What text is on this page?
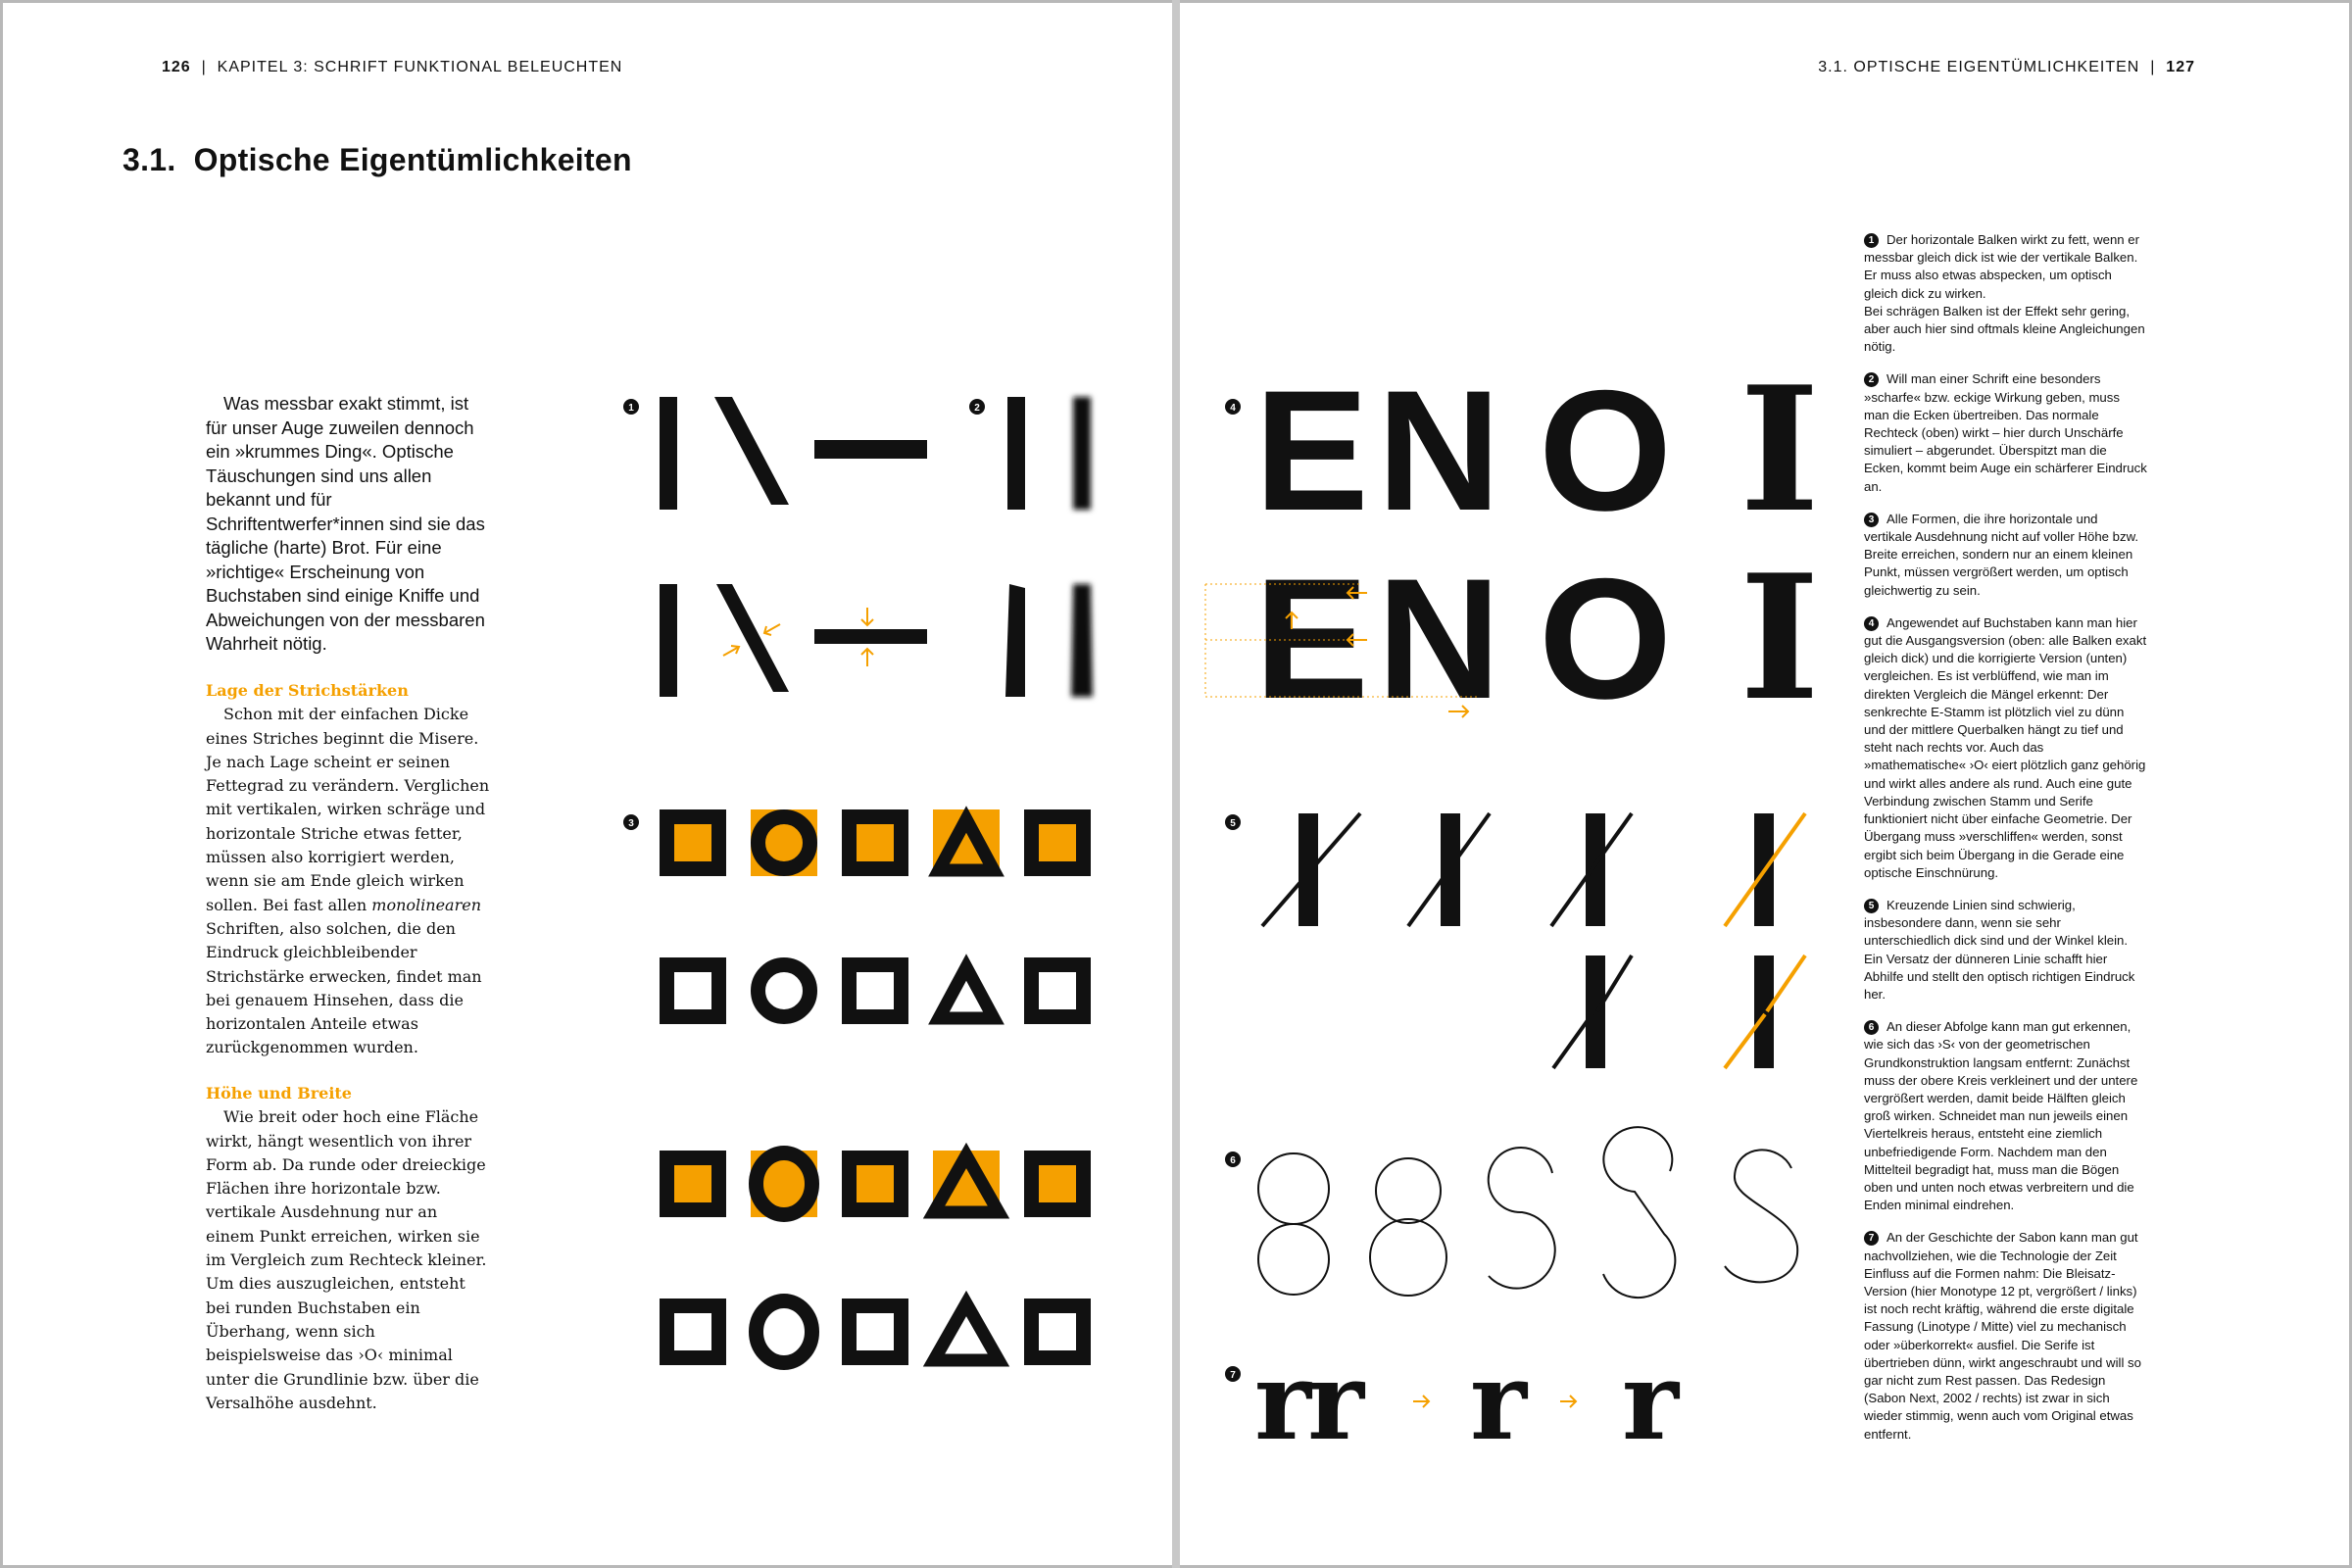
126  |  KAPITEL 3: SCHRIFT FUNKTIONAL BELEUCHTEN	3.1. OPTISCHE EIGENTÜMLICHKEITEN  |  127
3.1. Optische Eigentümlichkeiten

Was messbar exakt stimmt, ist für unser Auge zuweilen dennoch ein »krummes Ding«. Optische Täuschungen sind uns allen bekannt und für Schriftentwerfer*innen sind sie das tägliche (harte) Brot. Für eine »richtige« Erscheinung von Buchstaben sind einige Kniffe und Abweichungen von der messbaren Wahrheit nötig.

Lage der Strichstärken

Schon mit der einfachen Dicke eines Striches beginnt die Misere. Je nach Lage scheint er seinen Fettegrad zu verändern. Verglichen mit vertikalen, wirken schräge und horizontale Striche etwas fetter, müssen also korrigiert werden, wenn sie am Ende gleich wirken sollen. Bei fast allen monolinearen Schriften, also solchen, die den Eindruck gleichbleibender Strichstärke erwecken, findet man bei genauem Hinsehen, dass die horizontalen Anteile etwas zurückgenommen wurden.

Höhe und Breite

Wie breit oder hoch eine Fläche wirkt, hängt wesentlich von ihrer Form ab. Da runde oder dreieckige Flächen ihre horizontale bzw. vertikale Ausdehnung nur an einem Punkt erreichen, wirken sie im Vergleich zum Rechteck kleiner. Um dies auszugleichen, entsteht bei runden Buchstaben ein Überhang, wenn sich beispielsweise das ›O‹ minimal unter die Grundlinie bzw. über die Versalhöhe ausdehnt.

1	2
3
4
5
6
7
E N O I
E N O I
rr r r

1 Der horizontale Balken wirkt zu fett, wenn er messbar gleich dick ist wie der vertikale Balken. Er muss also etwas abspecken, um optisch gleich dick zu wirken.

Bei schrägen Balken ist der Effekt sehr gering, aber auch hier sind oftmals kleine Angleichungen nötig.

2 Will man einer Schrift eine besonders »scharfe« bzw. eckige Wirkung geben, muss man die Ecken übertreiben. Das normale Rechteck (oben) wirkt – hier durch Unschärfe simuliert – abgerundet. Überspitzt man die Ecken, kommt beim Auge ein schärferer Eindruck an.

3 Alle Formen, die ihre horizontale und vertikale Ausdehnung nicht auf voller Höhe bzw. Breite erreichen, sondern nur an einem kleinen Punkt, müssen vergrößert werden, um optisch gleichwertig zu sein.

4 Angewendet auf Buchstaben kann man hier gut die Ausgangsversion (oben: alle Balken exakt gleich dick) und die korrigierte Version (unten) vergleichen. Es ist verblüffend, wie man im direkten Vergleich die Mängel erkennt: Der senkrechte E-Stamm ist plötzlich viel zu dünn und der mittlere Querbalken hängt zu tief und steht nach rechts vor. Auch das »mathematische« ›O‹ eiert plötzlich ganz gehörig und wirkt alles andere als rund. Auch eine gute Verbindung zwischen Stamm und Serife funktioniert nicht über einfache Geometrie. Der Übergang muss »verschliffen« werden, sonst ergibt sich beim Übergang in die Gerade eine optische Einschnürung.

5 Kreuzende Linien sind schwierig, insbesondere dann, wenn sie sehr unterschiedlich dick sind und der Winkel klein. Ein Versatz der dünneren Linie schafft hier Abhilfe und stellt den optisch richtigen Eindruck her.

6 An dieser Abfolge kann man gut erkennen, wie sich das ›S‹ von der geometrischen Grundkonstruktion langsam entfernt: Zunächst muss der obere Kreis verkleinert und der untere vergrößert werden, damit beide Hälften gleich groß wirken. Schneidet man nun jeweils einen Viertelkreis heraus, entsteht eine ziemlich unbefriedigende Form. Nachdem man den Mittelteil begradigt hat, muss man die Bögen oben und unten noch etwas verbreitern und die Enden minimal eindrehen.

7 An der Geschichte der Sabon kann man gut nachvollziehen, wie die Technologie der Zeit Einfluss auf die Formen nahm: Die Bleisatz-Version (hier Monotype 12 pt, vergrößert / links) ist noch recht kräftig, während die erste digitale Fassung (Linotype / Mitte) viel zu mechanisch oder »überkorrekt« ausfiel. Die Serife ist übertrieben dünn, wirkt angeschraubt und will so gar nicht zum Rest passen. Das Redesign (Sabon Next, 2002 / rechts) ist zwar in sich wieder stimmig, wenn auch vom Original etwas entfernt.
